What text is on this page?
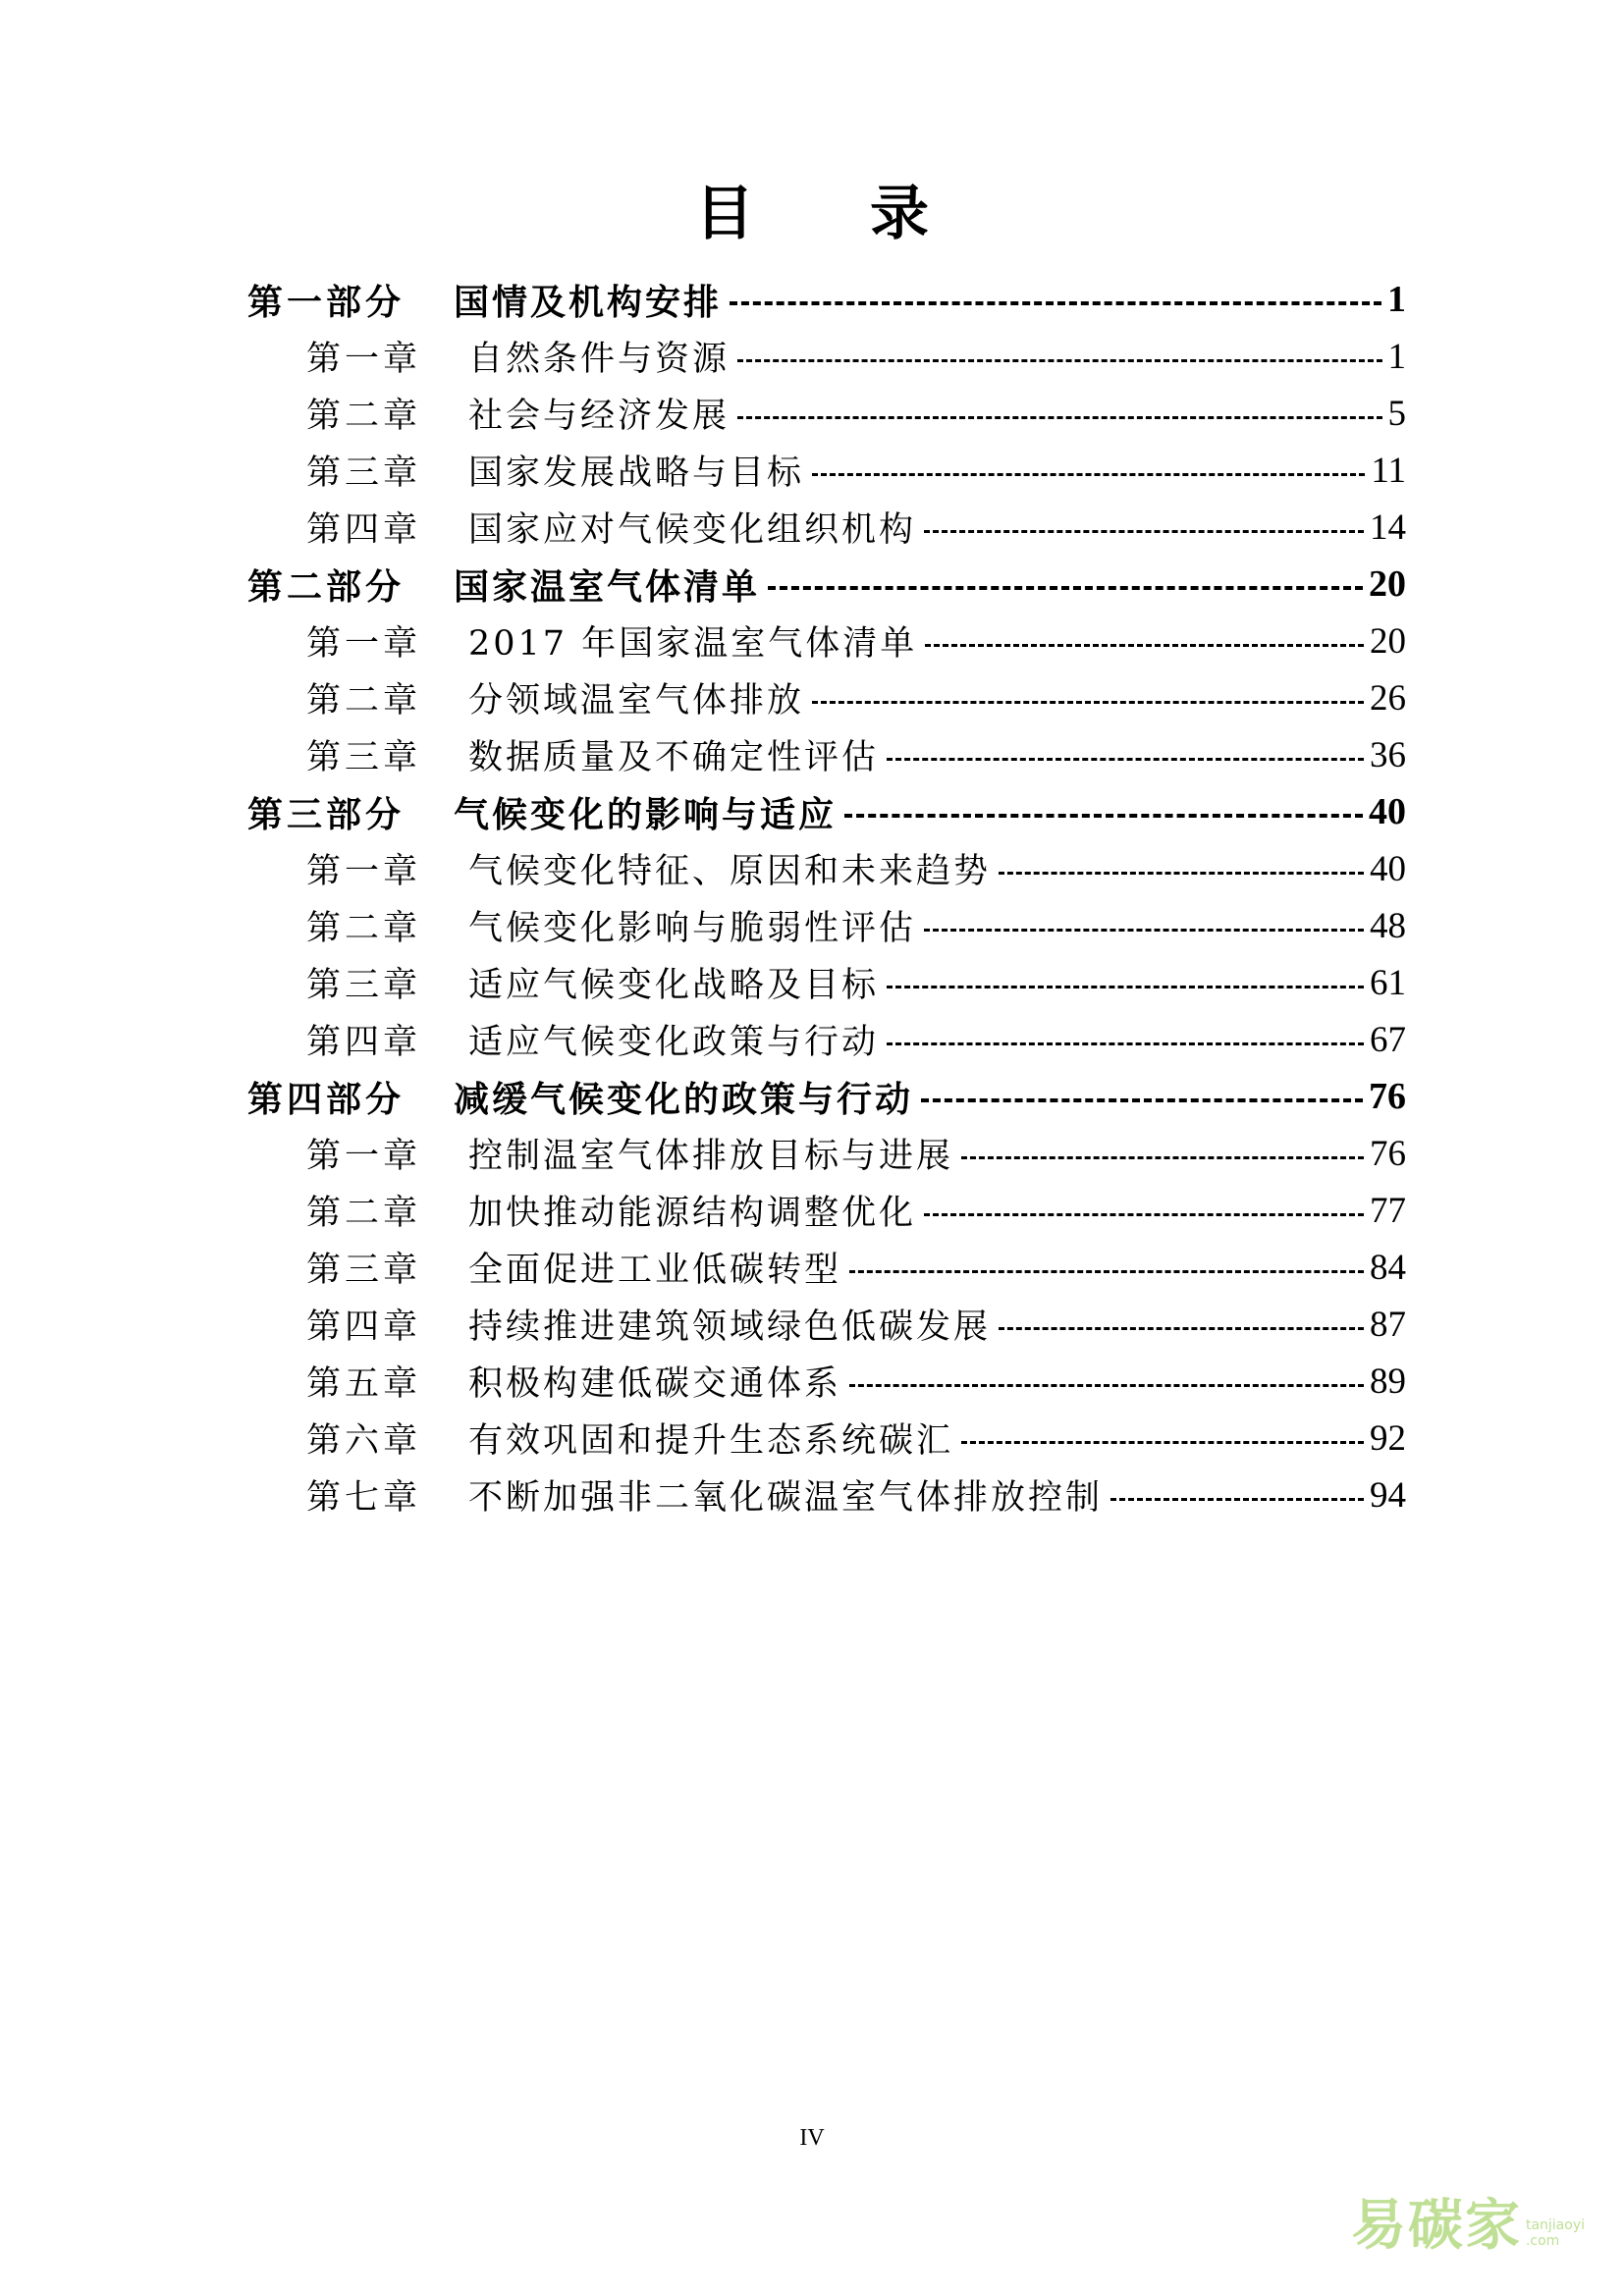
目 录
第一部分	国情及机构安排	1
第一章	自然条件与资源	1
第二章	社会与经济发展	5
第三章	国家发展战略与目标	11
第四章	国家应对气候变化组织机构	14
第二部分	国家温室气体清单	20
第一章	2017 年国家温室气体清单	20
第二章	分领域温室气体排放	26
第三章	数据质量及不确定性评估	36
第三部分	气候变化的影响与适应	40
第一章	气候变化特征、原因和未来趋势	40
第二章	气候变化影响与脆弱性评估	48
第三章	适应气候变化战略及目标	61
第四章	适应气候变化政策与行动	67
第四部分	减缓气候变化的政策与行动	76
第一章	控制温室气体排放目标与进展	76
第二章	加快推动能源结构调整优化	77
第三章	全面促进工业低碳转型	84
第四章	持续推进建筑领域绿色低碳发展	87
第五章	积极构建低碳交通体系	89
第六章	有效巩固和提升生态系统碳汇	92
第七章	不断加强非二氧化碳温室气体排放控制	94
IV
易碳家 tanjiaoyi
.com
